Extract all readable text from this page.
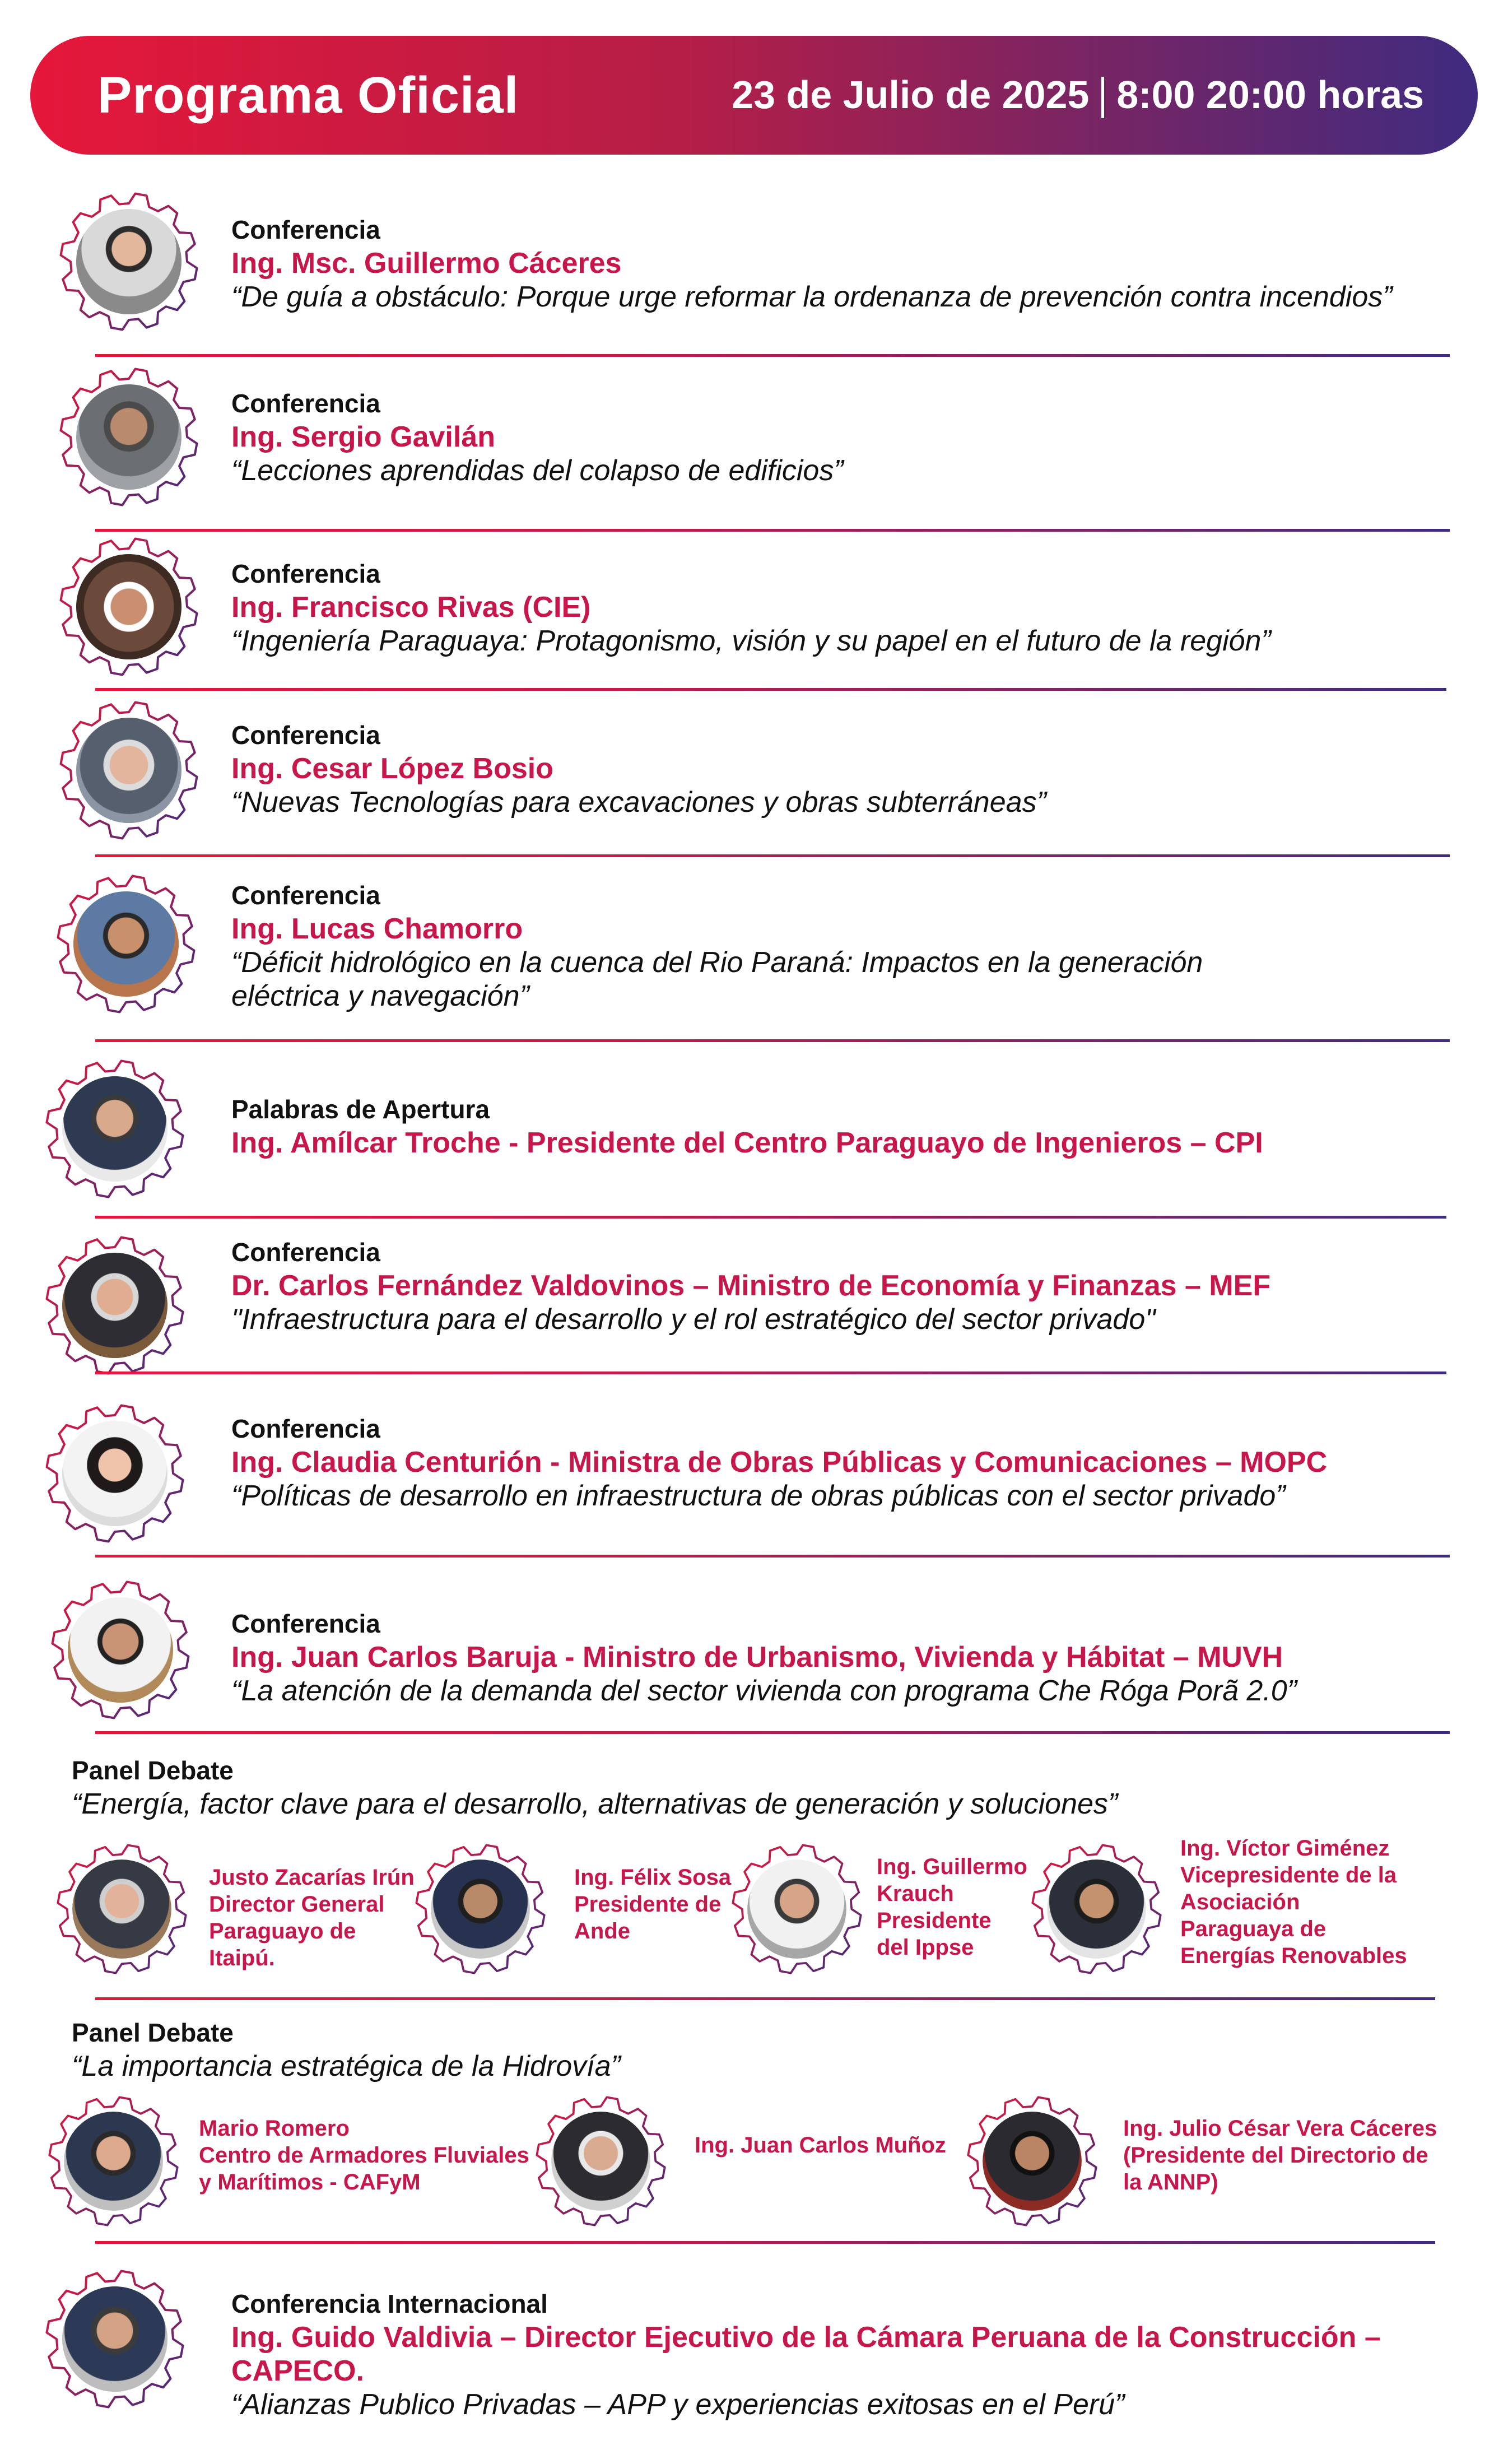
Programa Oficial	23 de Julio de 2025 8:00 20:00 horas
Conferencia
Ing. Msc. Guillermo Cáceres
“De guía a obstáculo: Porque urge reformar la ordenanza de prevención contra incendios”
Conferencia
Ing. Sergio Gavilán
“Lecciones aprendidas del colapso de edificios”
Conferencia
Ing. Francisco Rivas (CIE)
“Ingeniería Paraguaya: Protagonismo, visión y su papel en el futuro de la región”
Conferencia
Ing. Cesar López Bosio
“Nuevas Tecnologías para excavaciones y obras subterráneas”
Conferencia
Ing. Lucas Chamorro
“Déficit hidrológico en la cuenca del Rio Paraná: Impactos en la generación
eléctrica y navegación”
Palabras de Apertura
Ing. Amílcar Troche - Presidente del Centro Paraguayo de Ingenieros – CPI
Conferencia
Dr. Carlos Fernández Valdovinos – Ministro de Economía y Finanzas – MEF
"Infraestructura para el desarrollo y el rol estratégico del sector privado"
Conferencia
Ing. Claudia Centurión - Ministra de Obras Públicas y Comunicaciones – MOPC
“Políticas de desarrollo en infraestructura de obras públicas con el sector privado”
Conferencia
Ing. Juan Carlos Baruja - Ministro de Urbanismo, Vivienda y Hábitat – MUVH
“La atención de la demanda del sector vivienda con programa Che Róga Porã 2.0”
Panel Debate
“Energía, factor clave para el desarrollo, alternativas de generación y soluciones”
Justo Zacarías Irún
Director General
Paraguayo de
Itaipú.
Ing. Félix Sosa
Presidente de
Ande
Ing. Guillermo
Krauch
Presidente
del Ippse
Ing. Víctor Giménez
Vicepresidente de la
Asociación
Paraguaya de
Energías Renovables
Panel Debate
“La importancia estratégica de la Hidrovía”
Mario Romero
Centro de Armadores Fluviales
y Marítimos - CAFyM
Ing. Juan Carlos Muñoz
Ing. Julio César Vera Cáceres
(Presidente del Directorio de
la ANNP)
Conferencia Internacional
Ing. Guido Valdivia – Director Ejecutivo de la Cámara Peruana de la Construcción – CAPECO.
“Alianzas Publico Privadas – APP y experiencias exitosas en el Perú”
